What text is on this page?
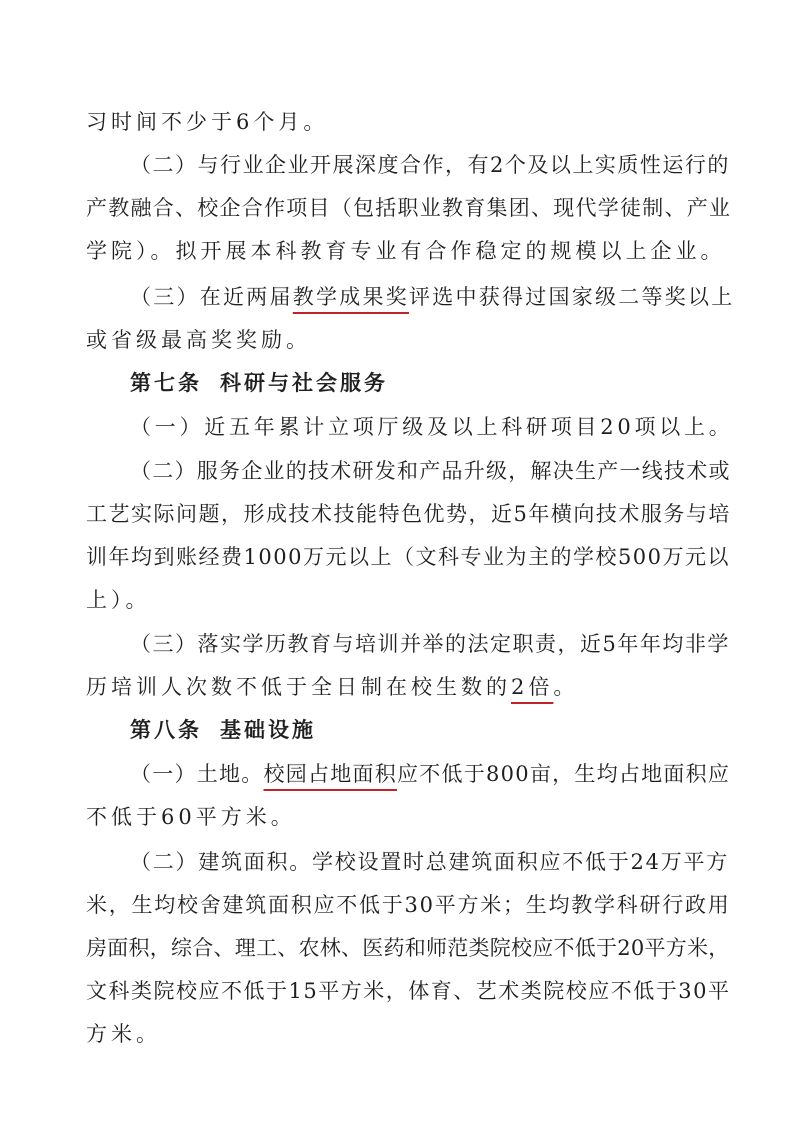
习时间不少于6个月。
（二）与行业企业开展深度合作，有2个及以上实质性运行的
产教融合、校企合作项目（包括职业教育集团、现代学徒制、产业
学院）。拟开展本科教育专业有合作稳定的规模以上企业。
（三）在近两届教学成果奖评选中获得过国家级二等奖以上
或省级最高奖奖励。
第七条 科研与社会服务
（一）近五年累计立项厅级及以上科研项目20项以上。
（二）服务企业的技术研发和产品升级，解决生产一线技术或
工艺实际问题，形成技术技能特色优势，近5年横向技术服务与培
训年均到账经费1000万元以上（文科专业为主的学校500万元以
上）。
（三）落实学历教育与培训并举的法定职责，近5年年均非学
历培训人次数不低于全日制在校生数的2倍。
第八条 基础设施
（一）土地。校园占地面积应不低于800亩，生均占地面积应
不低于60平方米。
（二）建筑面积。学校设置时总建筑面积应不低于24万平方
米，生均校舍建筑面积应不低于30平方米；生均教学科研行政用
房面积，综合、理工、农林、医药和师范类院校应不低于20平方米，
文科类院校应不低于15平方米，体育、艺术类院校应不低于30平
方米。
